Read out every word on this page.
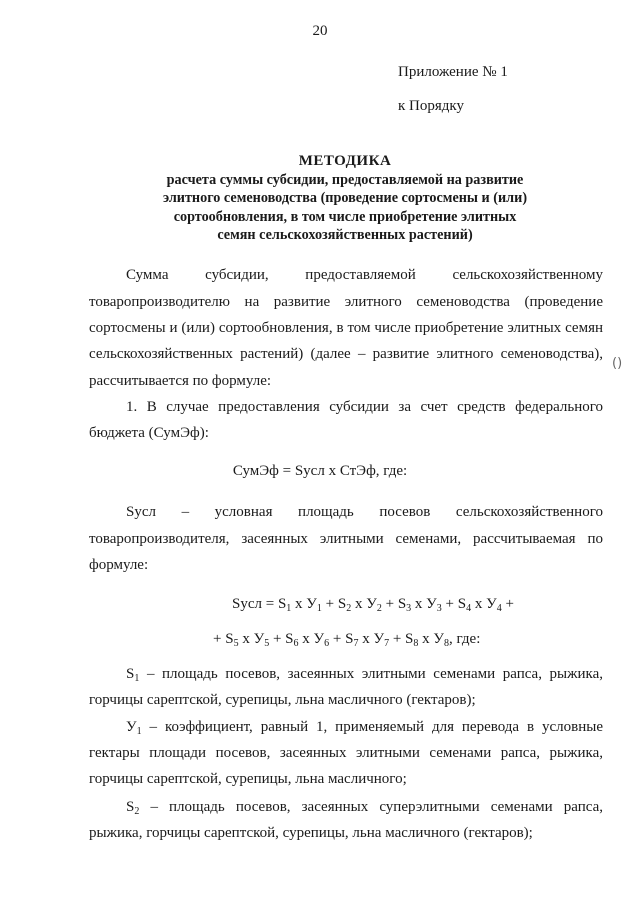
20
Приложение № 1
к Порядку
МЕТОДИКА
расчета суммы субсидии, предоставляемой на развитие
элитного семеноводства (проведение сортосмены и (или)
сортообновления, в том числе приобретение элитных
семян сельскохозяйственных растений)
Сумма субсидии, предоставляемой сельскохозяйственному
товаропроизводителю на развитие элитного семеноводства (проведение
сортосмены и (или) сортообновления, в том числе приобретение элитных семян
сельскохозяйственных растений) (далее – развитие элитного семеноводства),
рассчитывается по формуле:
()
1. В случае предоставления субсидии за счет средств федерального
бюджета (СумЭф):
СумЭф = Sусл х СтЭф, где:
Sусл – условная площадь посевов сельскохозяйственного
товаропроизводителя, засеянных элитными семенами, рассчитываемая по
формуле:
Sусл = $S_1$ х $У_1 + S_2$ х $У_2 + S_3$ х $У_3 + S_4$ х $У_4$ +
+ $S_5$ х $У_5 + S_6$ х $У_6 + S_7$ х $У_7 + S_8$ х $У_8$, где:
$S_1$ – площадь посевов, засеянных элитными семенами рапса, рыжика,
горчицы сарептской, сурепицы, льна масличного (гектаров);
$У_1$ – коэффициент, равный 1, применяемый для перевода в условные
гектары площади посевов, засеянных элитными семенами рапса, рыжика,
горчицы сарептской, сурепицы, льна масличного;
$S_2$ – площадь посевов, засеянных суперэлитными семенами рапса,
рыжика, горчицы сарептской, сурепицы, льна масличного (гектаров);
